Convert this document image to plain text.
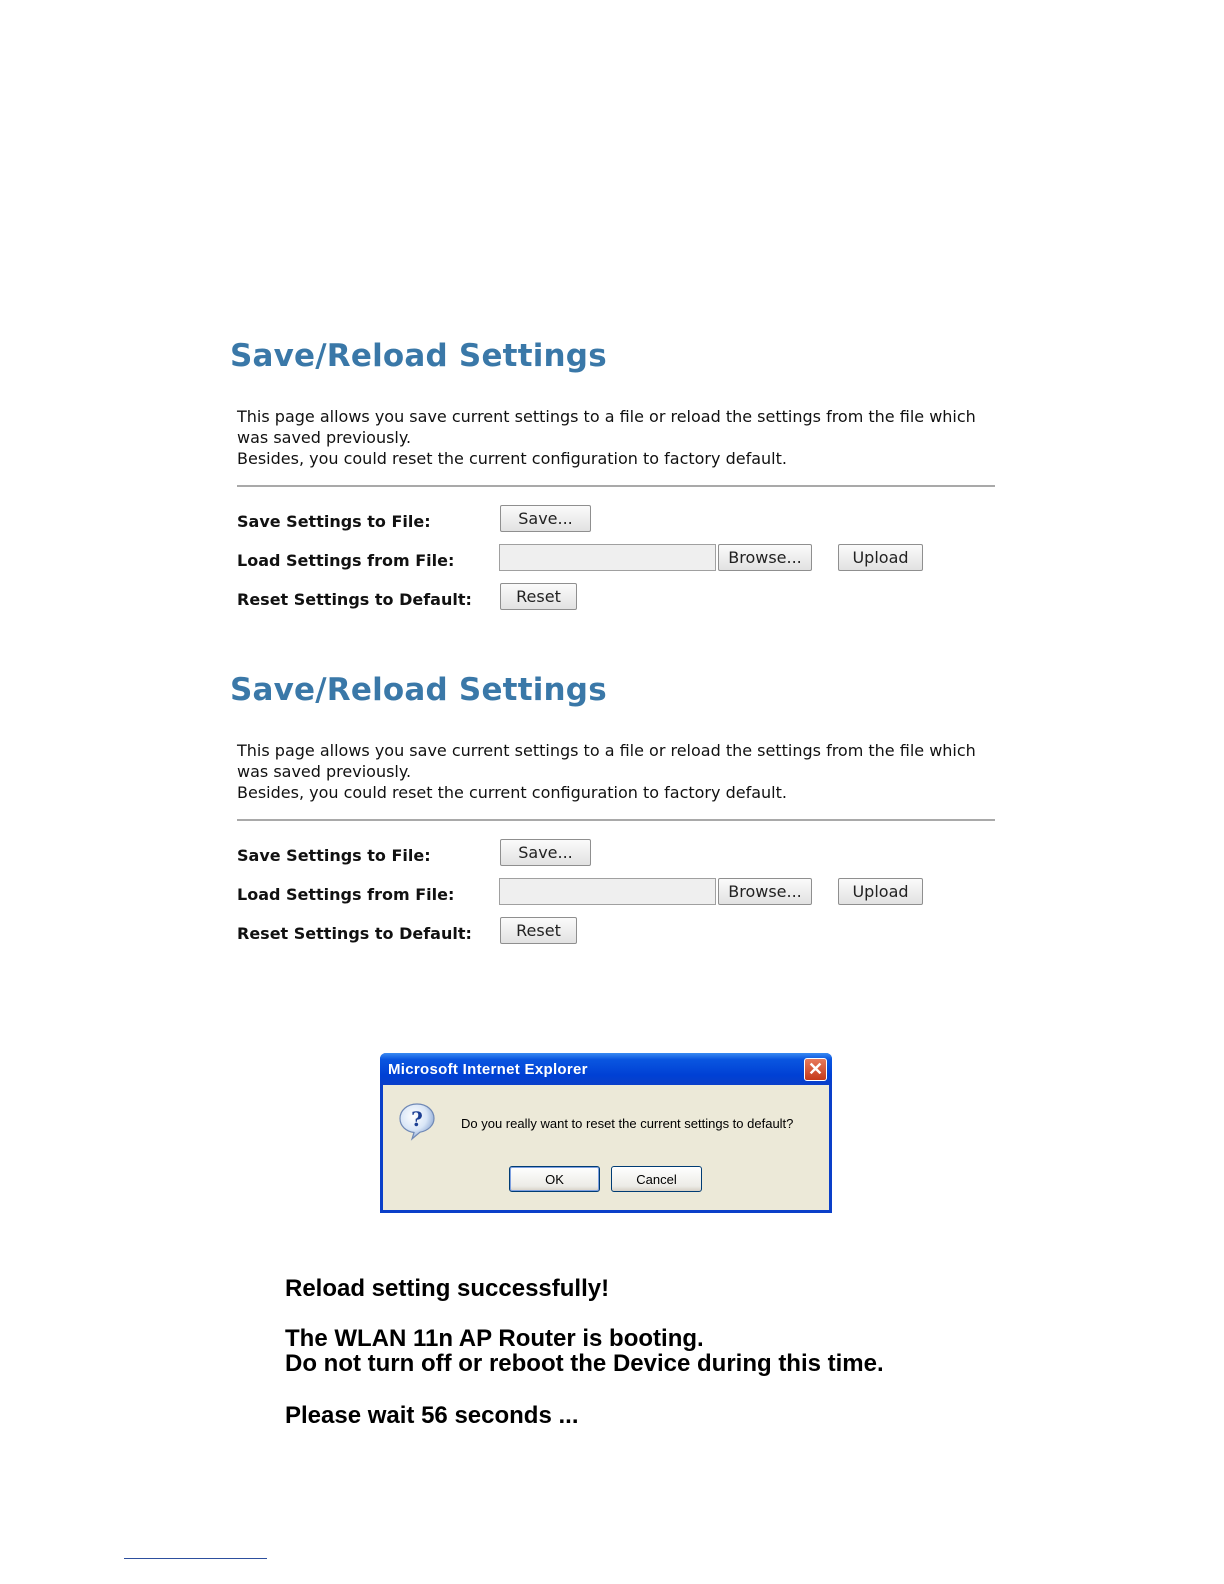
Save/Reload Settings

This page allows you save current settings to a file or reload the settings from the file which was saved previously.

Besides, you could reset the current configuration to factory default.

Save Settings to File:	Save...
Load Settings from File:	Browse...	Upload
Reset Settings to Default:	Reset
Save/Reload Settings

This page allows you save current settings to a file or reload the settings from the file which was saved previously.

Besides, you could reset the current configuration to factory default.

Save Settings to File:	Save...
Load Settings from File:	Browse...	Upload
Reset Settings to Default:	Reset
Microsoft Internet Explorer	✕
?	Do you really want to reset the current settings to default?
OK	Cancel

Reload setting successfully!

The WLAN 11n AP Router is booting.

Do not turn off or reboot the Device during this time.

Please wait 56 seconds ...
